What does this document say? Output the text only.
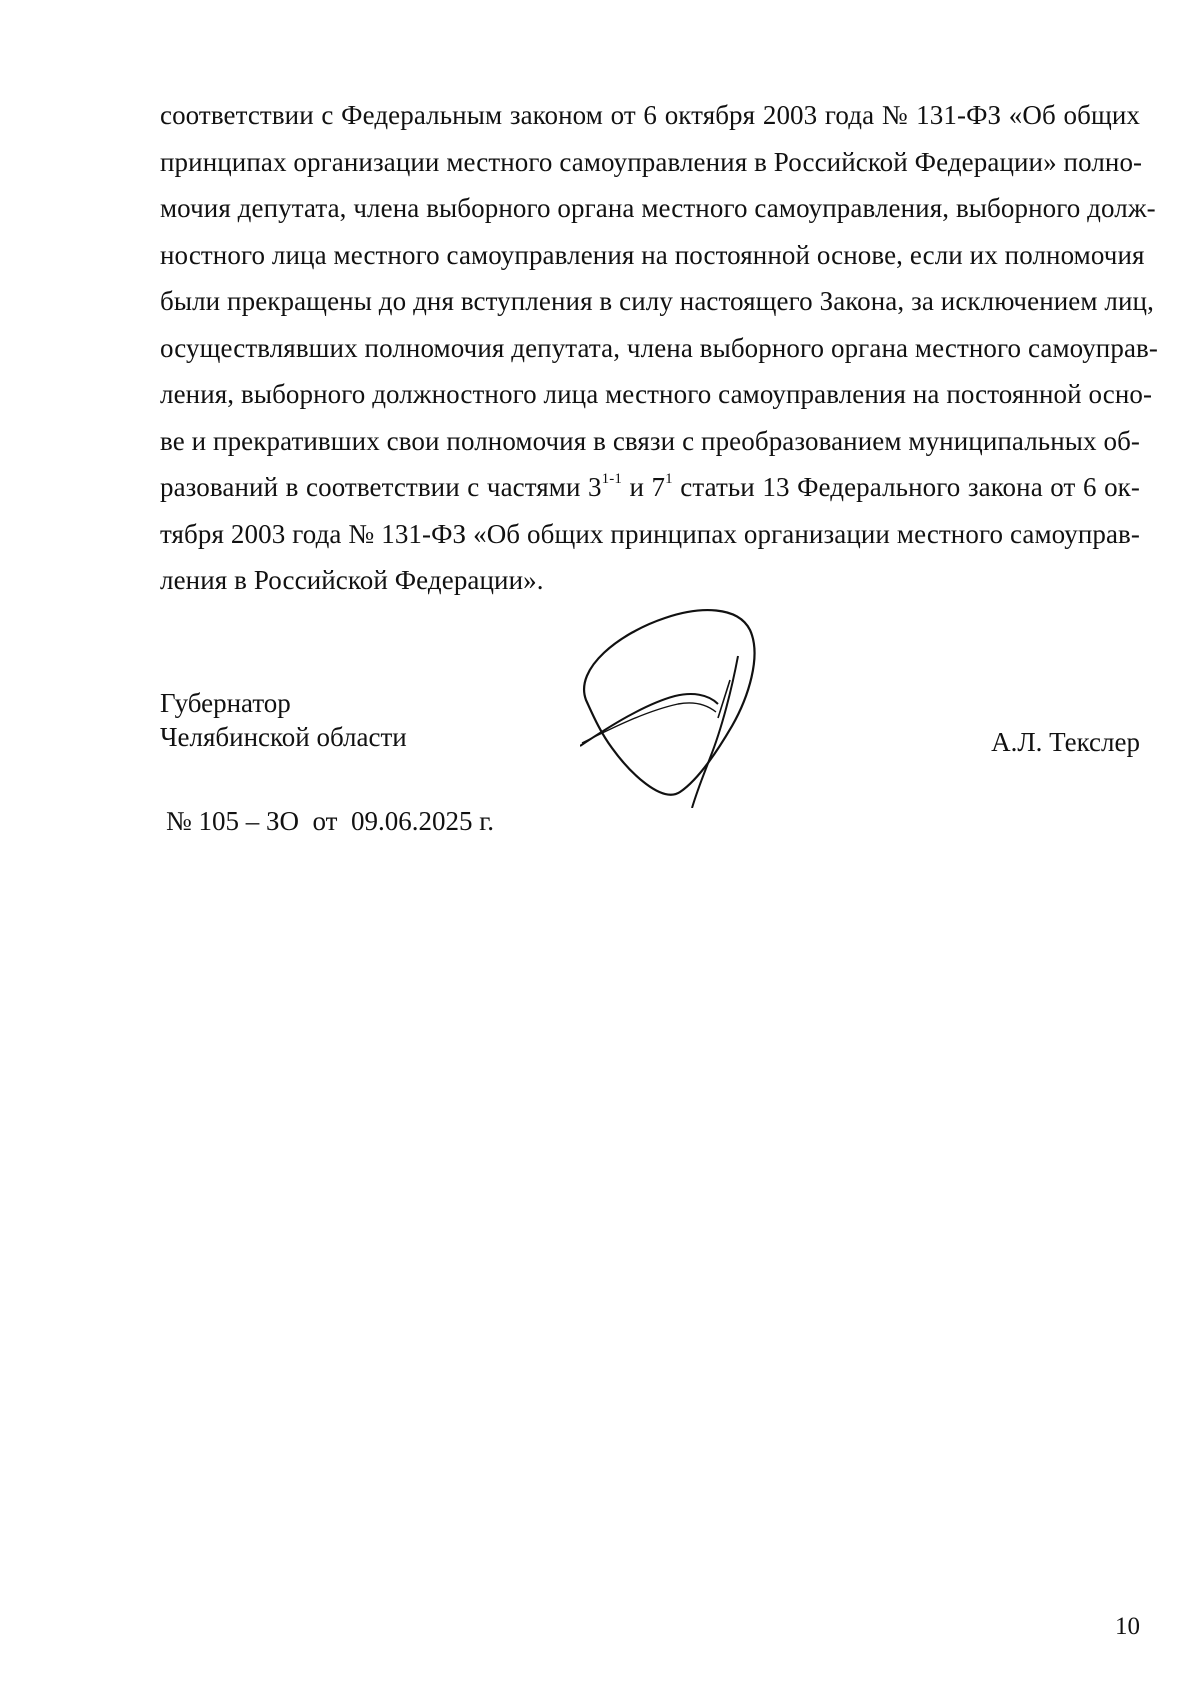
соответствии с Федеральным законом от 6 октября 2003 года № 131-ФЗ «Об общих
принципах организации местного самоуправления в Российской Федерации» полно-
мочия депутата, члена выборного органа местного самоуправления, выборного долж-
ностного лица местного самоуправления на постоянной основе, если их полномочия
были прекращены до дня вступления в силу настоящего Закона, за исключением лиц,
осуществлявших полномочия депутата, члена выборного органа местного самоуправ-
ления, выборного должностного лица местного самоуправления на постоянной осно-
ве и прекративших свои полномочия в связи с преобразованием муниципальных об-
разований в соответствии с частями 3$^{1-1}$ и $7^1$ статьи 13 Федерального закона от 6 ок-
тября 2003 года № 131-ФЗ «Об общих принципах организации местного самоуправ-
ления в Российской Федерации».
Губернатор
Челябинской области	А.Л. Текслер
№ 105 – ЗО  от  09.06.2025 г.
10
